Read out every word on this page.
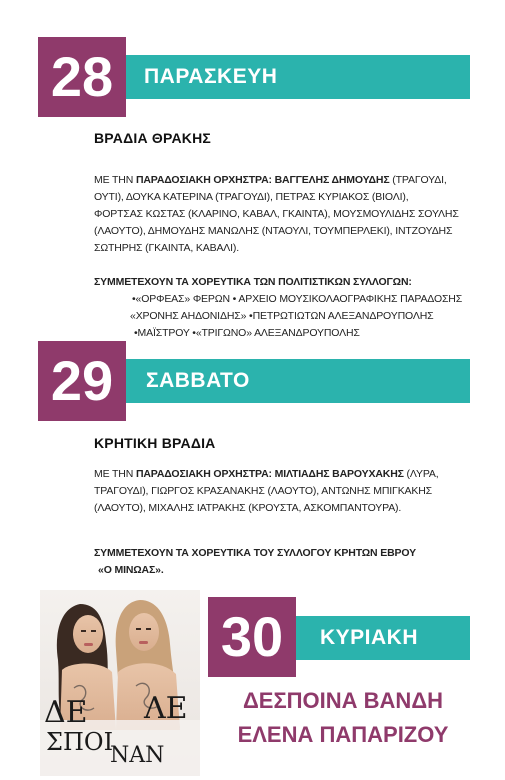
ΠΑΡΑΣΚΕΥΗ
28
ΒΡΑΔΙΑ ΘΡΑΚΗΣ
ΜΕ ΤΗΝ ΠΑΡΑΔΟΣΙΑΚΗ ΟΡΧΗΣΤΡΑ: ΒΑΓΓΕΛΗΣ ΔΗΜΟΥΔΗΣ (ΤΡΑΓΟΥΔΙ, ΟΥΤΙ), ΔΟΥΚΑ ΚΑΤΕΡΙΝΑ (ΤΡΑΓΟΥΔΙ), ΠΕΤΡΑΣ ΚΥΡΙΑΚΟΣ (ΒΙΟΛΙ), ΦΟΡΤΣΑΣ ΚΩΣΤΑΣ (ΚΛΑΡΙΝΟ, ΚΑΒΑΛ, ΓΚΑΙΝΤΑ), ΜΟΥΣΜΟΥΛΙΔΗΣ ΣΟΥΛΗΣ (ΛΑΟΥΤΟ), ΔΗΜΟΥΔΗΣ ΜΑΝΩΛΗΣ (ΝΤΑΟΥΛΙ, ΤΟΥΜΠΕΡΛΕΚΙ), ΙΝΤΖΟΥΔΗΣ ΣΩΤΗΡΗΣ (ΓΚΑΙΝΤΑ, ΚΑΒΑΛΙ).
ΣΥΜΜΕΤΕΧΟΥΝ ΤΑ ΧΟΡΕΥΤΙΚΑ ΤΩΝ ΠΟΛΙΤΙΣΤΙΚΩΝ ΣΥΛΛΟΓΩΝ:
•«ΟΡΦΕΑΣ» ΦΕΡΩΝ • ΑΡΧΕΙΟ ΜΟΥΣΙΚΟΛΑΟΓΡΑΦΙΚΗΣ ΠΑΡΑΔΟΣΗΣ
«ΧΡΟΝΗΣ ΑΗΔΟΝΙΔΗΣ» •ΠΕΤΡΩΤΙΩΤΩΝ ΑΛΕΞΑΝΔΡΟΥΠΟΛΗΣ
•ΜΑΪΣΤΡΟΥ •«ΤΡΙΓΩΝΟ» ΑΛΕΞΑΝΔΡΟΥΠΟΛΗΣ
ΣΑΒΒΑΤΟ
29
ΚΡΗΤΙΚΗ ΒΡΑΔΙΑ
ΜΕ ΤΗΝ ΠΑΡΑΔΟΣΙΑΚΗ ΟΡΧΗΣΤΡΑ: ΜΙΛΤΙΑΔΗΣ ΒΑΡΟΥΧΑΚΗΣ (ΛΥΡΑ, ΤΡΑΓΟΥΔΙ), ΓΙΩΡΓΟΣ ΚΡΑΣΑΝΑΚΗΣ (ΛΑΟΥΤΟ), ΑΝΤΩΝΗΣ ΜΠΙΓΚΑΚΗΣ (ΛΑΟΥΤΟ), ΜΙΧΑΛΗΣ ΙΑΤΡΑΚΗΣ (ΚΡΟΥΣΤΑ, ΑΣΚΟΜΠΑΝΤΟΥΡΑ).
ΣΥΜΜΕΤΕΧΟΥΝ ΤΑ ΧΟΡΕΥΤΙΚΑ ΤΟΥ ΣΥΛΛΟΓΟΥ ΚΡΗΤΩΝ ΕΒΡΟΥ
«Ο ΜΙΝΩΑΣ».
ΔΕ
ΣΠΟΙ
ΛΕ
ΝΑΝ
ΚΥΡΙΑΚΗ
30
ΔΕΣΠΟΙΝΑ ΒΑΝΔΗ
ΕΛΕΝΑ ΠΑΠΑΡΙΖΟΥ
